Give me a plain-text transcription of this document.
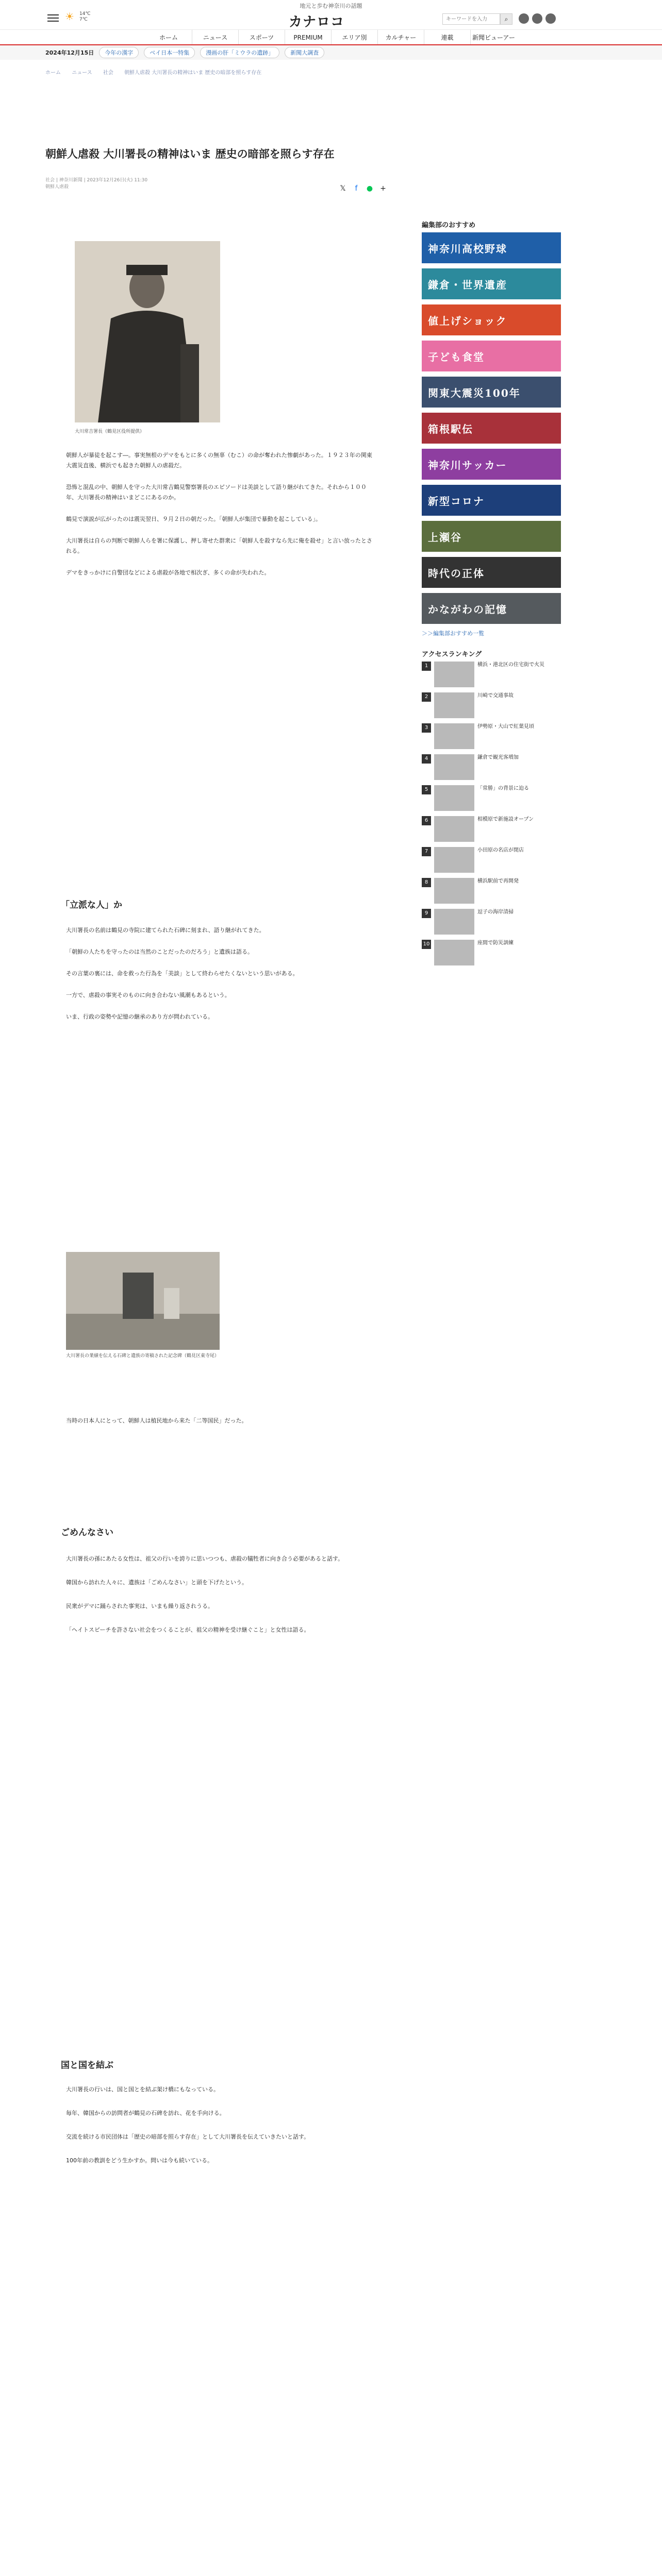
地元と歩む神奈川の話題
☀	14℃
7℃	カナロコ
キーワードを入力	⌕
ホーム	ニュース	スポーツ	PREMIUM	エリア別	カルチャー	連載	新聞ビューアー
2024年12月15日	今年の漢字	ベイ日本一特集	漫画の肝「ミウラの遺跡」	新聞大調査
ホーム ニュース 社会 朝鮮人虐殺 大川署長の精神はいま 歴史の暗部を照らす存在
朝鮮人虐殺 大川署長の精神はいま 歴史の暗部を照らす存在
社会 | 神奈川新聞 | 2023年12月26日(火) 11:30
朝鮮人虐殺	𝕏	f	● +
大川常吉署長（鶴見区役所提供）

朝鮮人が暴徒を起こす―。事実無根のデマをもとに多くの無辜（むこ）の命が奪われた惨劇があった。１９２３年の関東大震災直後、横浜でも起きた朝鮮人の虐殺だ。

恐怖と混乱の中、朝鮮人を守った大川常吉鶴見警察署長のエピソードは美談として語り継がれてきた。それから１００年、大川署長の精神はいまどこにあるのか。

鶴見で演説が広がったのは震災翌日、９月２日の朝だった。「朝鮮人が集団で暴動を起こしている」。

大川署長は自らの判断で朝鮮人らを署に保護し、押し寄せた群衆に「朝鮮人を殺すなら先に俺を殺せ」と言い放ったとされる。

デマをきっかけに自警団などによる虐殺が各地で相次ぎ、多くの命が失われた。

「立派な人」か

大川署長の名前は鶴見の寺院に建てられた石碑に刻まれ、語り継がれてきた。

「朝鮮の人たちを守ったのは当然のことだったのだろう」と遺族は語る。

その言葉の裏には、命を救った行為を「美談」として終わらせたくないという思いがある。

一方で、虐殺の事実そのものに向き合わない風潮もあるという。

いま、行政の姿勢や記憶の継承のあり方が問われている。

大川署長の業績を伝える石碑と遺族の寄稿された記念碑（鶴見区東寺尾）

当時の日本人にとって、朝鮮人は植民地から来た「二等国民」だった。

ごめんなさい

大川署長の孫にあたる女性は、祖父の行いを誇りに思いつつも、虐殺の犠牲者に向き合う必要があると話す。

韓国から訪れた人々に、遺族は「ごめんなさい」と頭を下げたという。

民衆がデマに踊らされた事実は、いまも繰り返されうる。

「ヘイトスピーチを許さない社会をつくることが、祖父の精神を受け継ぐこと」と女性は語る。

国と国を結ぶ

大川署長の行いは、国と国とを結ぶ架け橋にもなっている。

毎年、韓国からの訪問者が鶴見の石碑を訪れ、花を手向ける。

交流を続ける市民団体は「歴史の暗部を照らす存在」として大川署長を伝えていきたいと話す。

100年前の教訓をどう生かすか。問いは今も続いている。

編集部のおすすめ
神奈川高校野球
鎌倉・世界遺産
値上げショック
子ども食堂
関東大震災100年
箱根駅伝
神奈川サッカー
新型コロナ
上瀬谷
時代の正体
かながわの記憶
＞＞編集部おすすめ一覧
アクセスランキング
1	横浜・港北区の住宅街で火災
2	川崎で交通事故
3	伊勢原・大山で紅葉見頃
4	鎌倉で観光客増加
5	「常勝」の背景に迫る
6	相模原で新施設オープン
7	小田原の名店が閉店
8	横浜駅前で再開発
9	逗子の海岸清掃
10	座間で防災訓練
